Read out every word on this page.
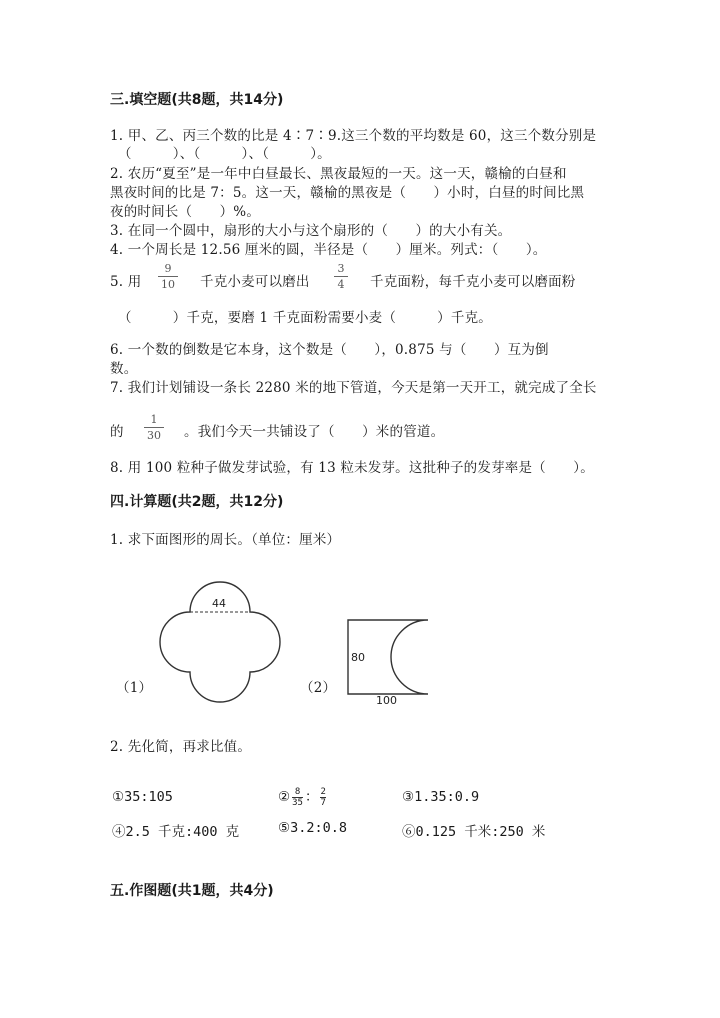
三.填空题(共8题，共14分)
1. 甲、乙、丙三个数的比是 4∶7∶9.这三个数的平均数是 60，这三个数分别是
（　　　）、（　　　）、（　　　）。
2. 农历“夏至”是一年中白昼最长、黑夜最短的一天。这一天，赣榆的白昼和
黑夜时间的比是 7：5。这一天，赣榆的黑夜是（　　）小时，白昼的时间比黑
夜的时间长（　　）%。
3. 在同一个圆中，扇形的大小与这个扇形的（　　）的大小有关。
4. 一个周长是 12.56 厘米的圆，半径是（　　）厘米。列式：（　　）。
5. 用
9
10 千克小麦可以磨出
3
4 千克面粉，每千克小麦可以磨面粉
（　　　）千克，要磨 1 千克面粉需要小麦（　　　）千克。
6. 一个数的倒数是它本身，这个数是（　　），0.875 与（　　）互为倒
数。
7. 我们计划铺设一条长 2280 米的地下管道，今天是第一天开工，就完成了全长
的
1
30 。我们今天一共铺设了（　　）米的管道。
8. 用 100 粒种子做发芽试验，有 13 粒未发芽。这批种子的发芽率是（　　）。
四.计算题(共2题，共12分)
1. 求下面图形的周长。（单位：厘米）
（1）
44
（2）
80
100
2. 先化简，再求比值。
①35:105	② $\frac{8}{35}$ ： $\frac{2}{7}$	③1.35:0.9
④2.5 千克:400 克	⑤3.2:0.8	⑥0.125 千米:250 米
五.作图题(共1题，共4分)
